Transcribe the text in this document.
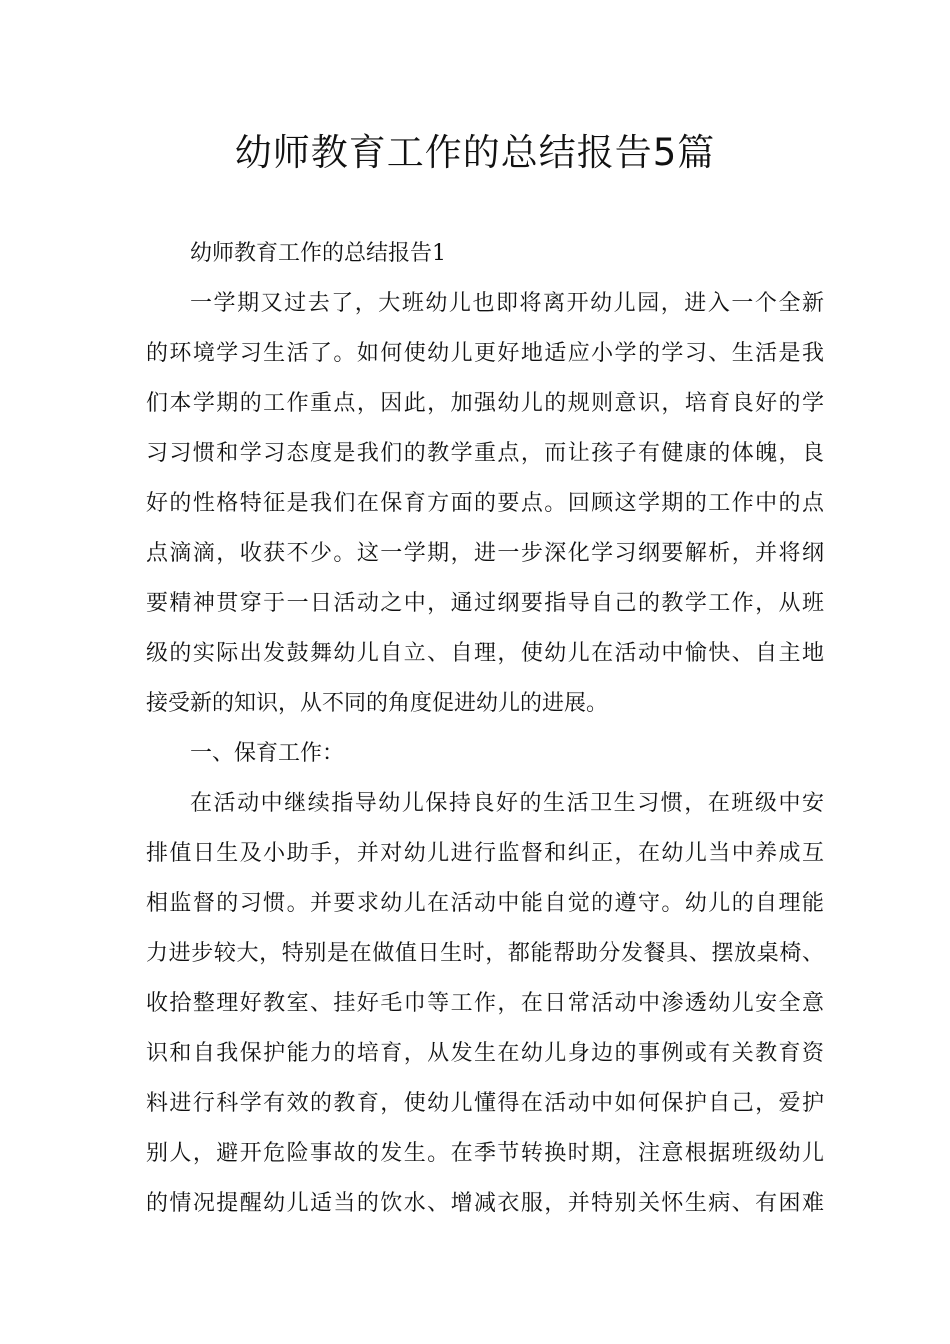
幼师教育工作的总结报告5篇
幼师教育工作的总结报告1
一学期又过去了，大班幼儿也即将离开幼儿园，进入一个全新
的环境学习生活了。如何使幼儿更好地适应小学的学习、生活是我
们本学期的工作重点，因此，加强幼儿的规则意识，培育良好的学
习习惯和学习态度是我们的教学重点，而让孩子有健康的体魄，良
好的性格特征是我们在保育方面的要点。回顾这学期的工作中的点
点滴滴，收获不少。这一学期，进一步深化学习纲要解析，并将纲
要精神贯穿于一日活动之中，通过纲要指导自己的教学工作，从班
级的实际出发鼓舞幼儿自立、自理，使幼儿在活动中愉快、自主地
接受新的知识，从不同的角度促进幼儿的进展。
一、保育工作：
在活动中继续指导幼儿保持良好的生活卫生习惯，在班级中安
排值日生及小助手，并对幼儿进行监督和纠正，在幼儿当中养成互
相监督的习惯。并要求幼儿在活动中能自觉的遵守。幼儿的自理能
力进步较大，特别是在做值日生时，都能帮助分发餐具、摆放桌椅、
收拾整理好教室、挂好毛巾等工作，在日常活动中渗透幼儿安全意
识和自我保护能力的培育，从发生在幼儿身边的事例或有关教育资
料进行科学有效的教育，使幼儿懂得在活动中如何保护自己，爱护
别人，避开危险事故的发生。在季节转换时期，注意根据班级幼儿
的情况提醒幼儿适当的饮水、增减衣服，并特别关怀生病、有困难
